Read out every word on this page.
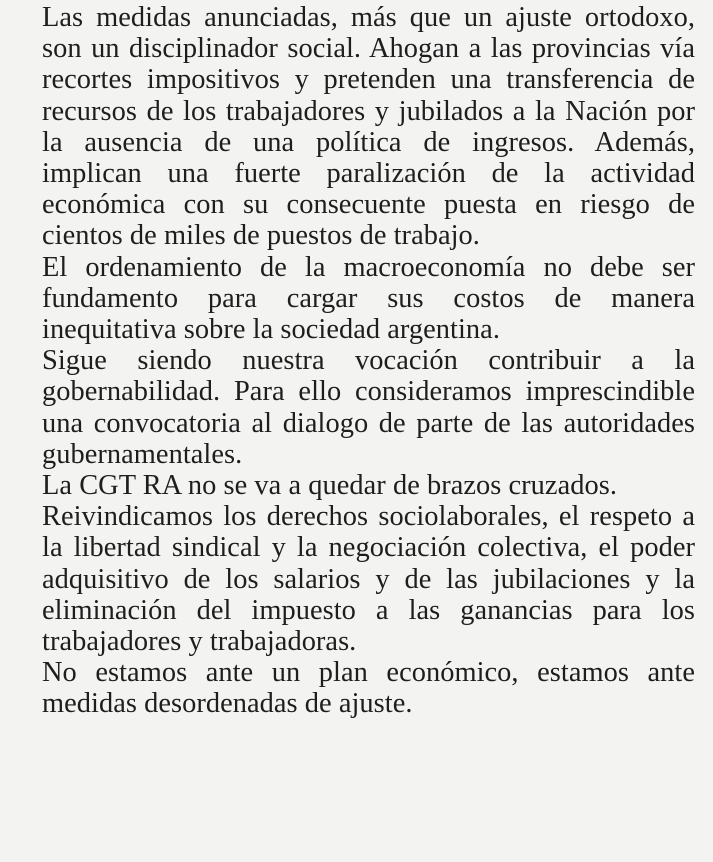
Las medidas anunciadas, más que un ajuste ortodoxo, son un disciplinador social. Ahogan a las provincias vía recortes impositivos y pretenden una transferencia de recursos de los trabajadores y jubilados a la Nación por la ausencia de una política de ingresos. Además, implican una fuerte paralización de la actividad económica con su consecuente puesta en riesgo de cientos de miles de puestos de trabajo.

El ordenamiento de la macroeconomía no debe ser fundamento para cargar sus costos de manera inequitativa sobre la sociedad argentina.

Sigue siendo nuestra vocación contribuir a la gobernabilidad. Para ello consideramos imprescindible una convocatoria al dialogo de parte de las autoridades gubernamentales.

La CGT RA no se va a quedar de brazos cruzados.

Reivindicamos los derechos sociolaborales, el respeto a la libertad sindical y la negociación colectiva, el poder adquisitivo de los salarios y de las jubilaciones y la eliminación del impuesto a las ganancias para los trabajadores y trabajadoras.

No estamos ante un plan económico, estamos ante medidas desordenadas de ajuste.
